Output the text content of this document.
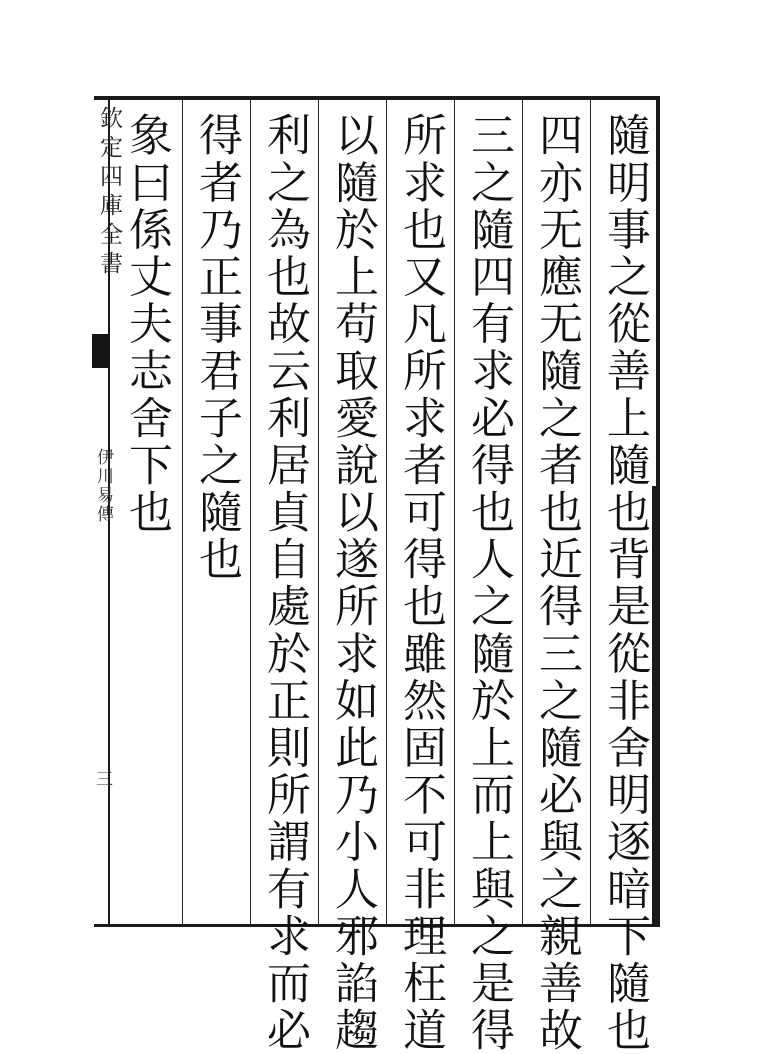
欽定四庫全書
伊川易傳
三	隨明事之從善上隨也背是從非舍明逐暗下隨也
四亦无應无隨之者也近得三之隨必與之親善故
三之隨四有求必得也人之隨於上而上與之是得
所求也又凡所求者可得也雖然固不可非理枉道
以隨於上苟取愛說以遂所求如此乃小人邪諂趨
利之為也故云利居貞自處於正則所謂有求而必
得者乃正事君子之隨也
象曰係丈夫志舍下也
